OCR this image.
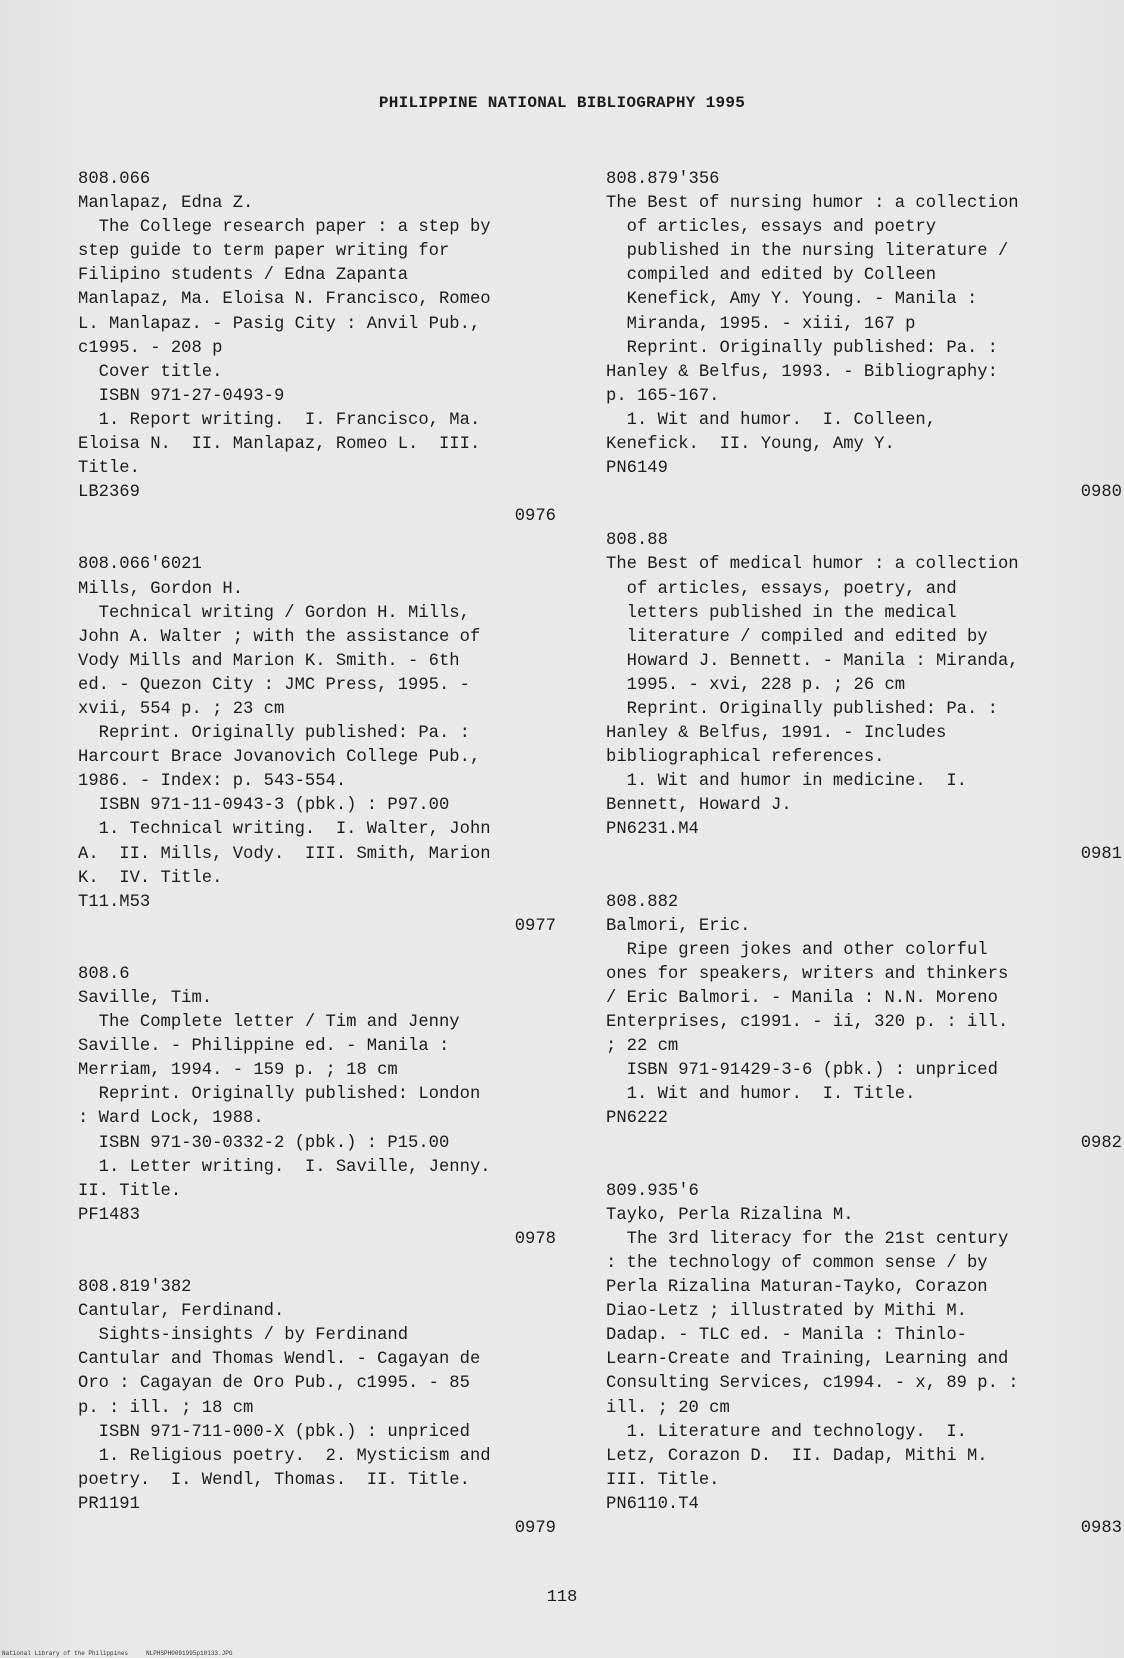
PHILIPPINE NATIONAL BIBLIOGRAPHY 1995
808.066
Manlapaz, Edna Z.
The College research paper : a step by
step guide to term paper writing for
Filipino students / Edna Zapanta
Manlapaz, Ma. Eloisa N. Francisco, Romeo
L. Manlapaz. - Pasig City : Anvil Pub.,
c1995. - 208 p
Cover title.
ISBN 971-27-0493-9
1. Report writing.  I. Francisco, Ma.
Eloisa N.  II. Manlapaz, Romeo L.  III.
Title.
LB2369
0976
808.066'6021
Mills, Gordon H.
Technical writing / Gordon H. Mills,
John A. Walter ; with the assistance of
Vody Mills and Marion K. Smith. - 6th
ed. - Quezon City : JMC Press, 1995. -
xvii, 554 p. ; 23 cm
Reprint. Originally published: Pa. :
Harcourt Brace Jovanovich College Pub.,
1986. - Index: p. 543-554.
ISBN 971-11-0943-3 (pbk.) : P97.00
1. Technical writing.  I. Walter, John
A.  II. Mills, Vody.  III. Smith, Marion
K.  IV. Title.
T11.M53
0977
808.6
Saville, Tim.
The Complete letter / Tim and Jenny
Saville. - Philippine ed. - Manila :
Merriam, 1994. - 159 p. ; 18 cm
Reprint. Originally published: London
: Ward Lock, 1988.
ISBN 971-30-0332-2 (pbk.) : P15.00
1. Letter writing.  I. Saville, Jenny.
II. Title.
PF1483
0978
808.819'382
Cantular, Ferdinand.
Sights-insights / by Ferdinand
Cantular and Thomas Wendl. - Cagayan de
Oro : Cagayan de Oro Pub., c1995. - 85
p. : ill. ; 18 cm
ISBN 971-711-000-X (pbk.) : unpriced
1. Religious poetry.  2. Mysticism and
poetry.  I. Wendl, Thomas.  II. Title.
PR1191
0979
808.879'356
The Best of nursing humor : a collection
of articles, essays and poetry
published in the nursing literature /
compiled and edited by Colleen
Kenefick, Amy Y. Young. - Manila :
Miranda, 1995. - xiii, 167 p
Reprint. Originally published: Pa. :
Hanley & Belfus, 1993. - Bibliography:
p. 165-167.
1. Wit and humor.  I. Colleen,
Kenefick.  II. Young, Amy Y.
PN6149
0980
808.88
The Best of medical humor : a collection
of articles, essays, poetry, and
letters published in the medical
literature / compiled and edited by
Howard J. Bennett. - Manila : Miranda,
1995. - xvi, 228 p. ; 26 cm
Reprint. Originally published: Pa. :
Hanley & Belfus, 1991. - Includes
bibliographical references.
1. Wit and humor in medicine.  I.
Bennett, Howard J.
PN6231.M4
0981
808.882
Balmori, Eric.
Ripe green jokes and other colorful
ones for speakers, writers and thinkers
/ Eric Balmori. - Manila : N.N. Moreno
Enterprises, c1991. - ii, 320 p. : ill.
; 22 cm
ISBN 971-91429-3-6 (pbk.) : unpriced
1. Wit and humor.  I. Title.
PN6222
0982
809.935'6
Tayko, Perla Rizalina M.
The 3rd literacy for the 21st century
: the technology of common sense / by
Perla Rizalina Maturan-Tayko, Corazon
Diao-Letz ; illustrated by Mithi M.
Dadap. - TLC ed. - Manila : Thinlo-
Learn-Create and Training, Learning and
Consulting Services, c1994. - x, 89 p. :
ill. ; 20 cm
1. Literature and technology.  I.
Letz, Corazon D.  II. Dadap, Mithi M.
III. Title.
PN6110.T4
0983
118
National Library of the Philippines     NLPHSPH0091995p10133.JPG
